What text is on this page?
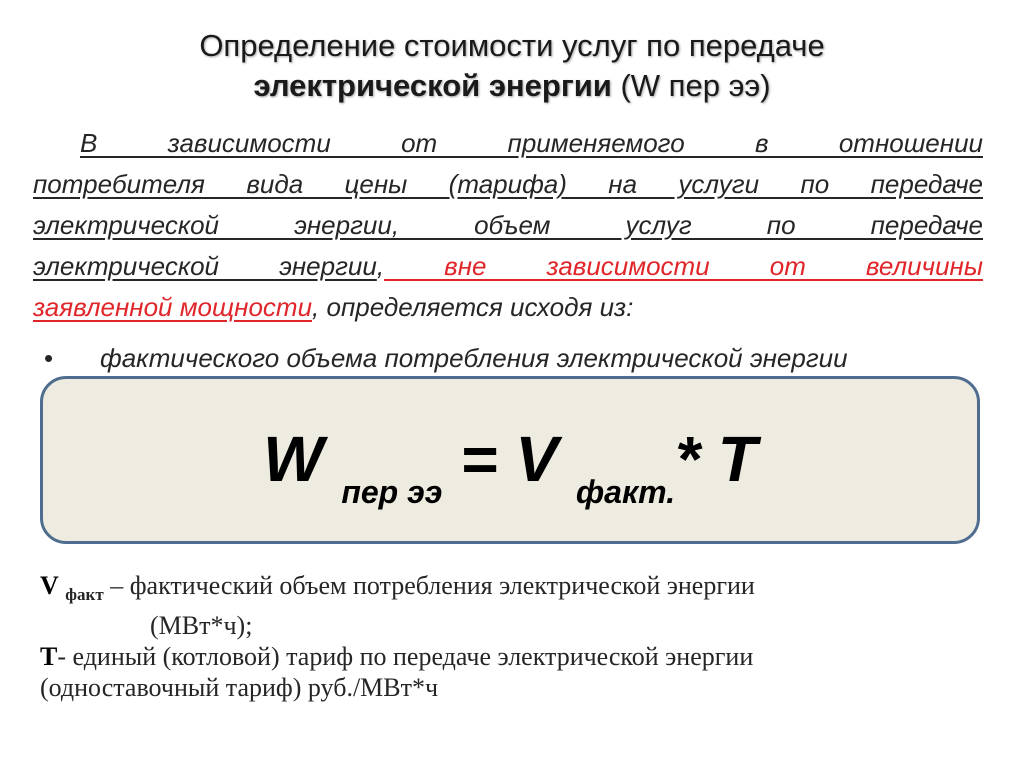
Определение стоимости услуг по передаче
электрической энергии (W пер ээ)
В зависимости от применяемого в отношении
потребителя вида цены (тарифа) на услуги по передаче
электрической энергии, объем услуг по передаче
электрической энергии, вне зависимости от величины
заявленной мощности, определяется исходя из:
• фактического объема потребления электрической энергии
W $_{пер ээ}$ = V $_{факт.}$* T
V $_{факт}$ – фактический объем потребления электрической энергии
(МВт*ч);
Т- единый (котловой) тариф по передаче электрической энергии
(одноставочный тариф) руб./МВт*ч
